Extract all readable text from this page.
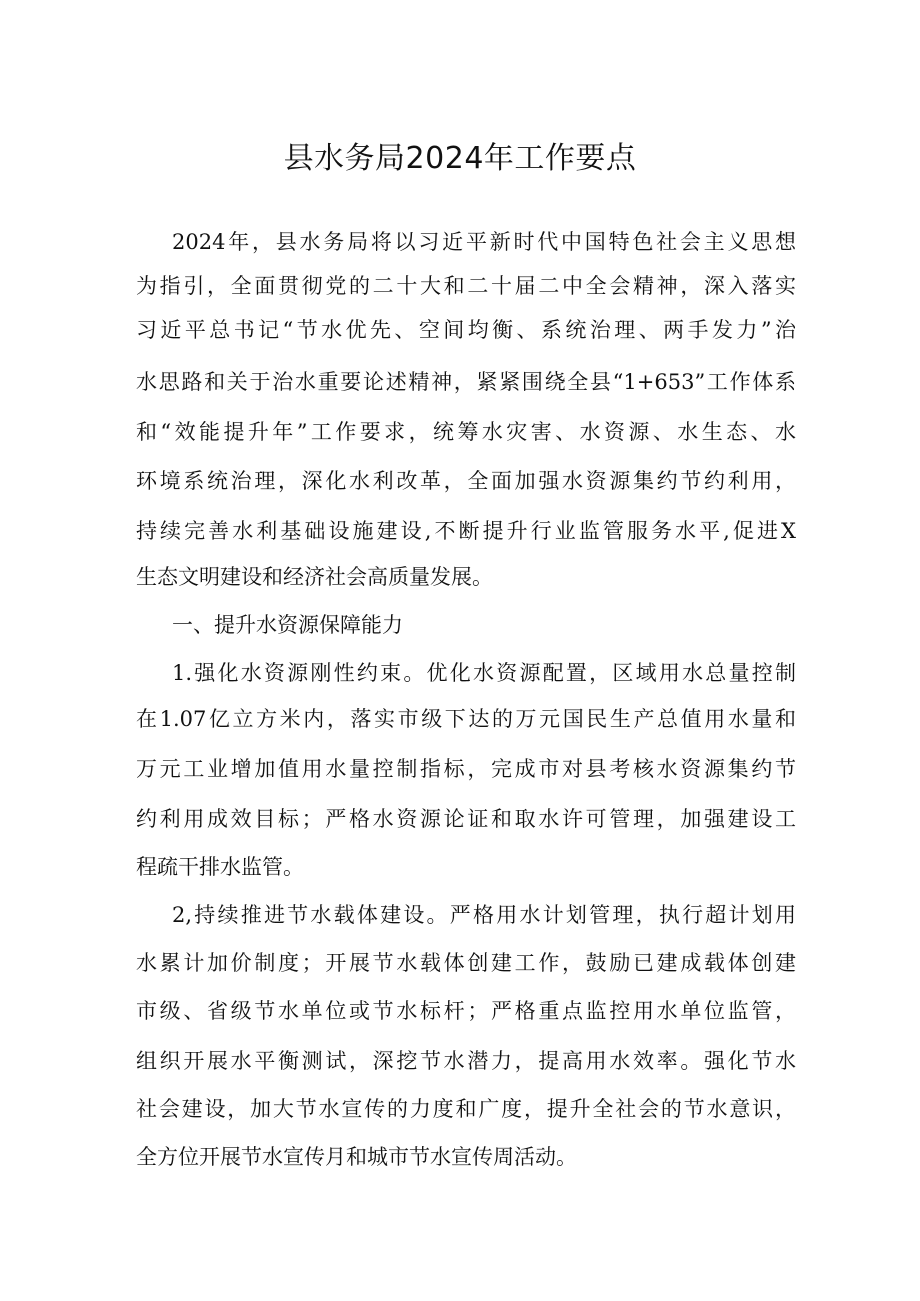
县水务局2024年工作要点
2024年，县水务局将以习近平新时代中国特色社会主义思想
为指引，全面贯彻党的二十大和二十届二中全会精神，深入落实
习近平总书记“节水优先、空间均衡、系统治理、两手发力”治
水思路和关于治水重要论述精神，紧紧围绕全县“1+653”工作体系
和“效能提升年”工作要求，统筹水灾害、水资源、水生态、水
环境系统治理，深化水利改革，全面加强水资源集约节约利用，
持续完善水利基础设施建设,不断提升行业监管服务水平,促进X
生态文明建设和经济社会高质量发展。
一、提升水资源保障能力
1.强化水资源刚性约束。优化水资源配置，区域用水总量控制
在1.07亿立方米内，落实市级下达的万元国民生产总值用水量和
万元工业增加值用水量控制指标，完成市对县考核水资源集约节
约利用成效目标；严格水资源论证和取水许可管理，加强建设工
程疏干排水监管。
2,持续推进节水载体建设。严格用水计划管理，执行超计划用
水累计加价制度；开展节水载体创建工作，鼓励已建成载体创建
市级、省级节水单位或节水标杆；严格重点监控用水单位监管，
组织开展水平衡测试，深挖节水潜力，提高用水效率。强化节水
社会建设，加大节水宣传的力度和广度，提升全社会的节水意识，
全方位开展节水宣传月和城市节水宣传周活动。
